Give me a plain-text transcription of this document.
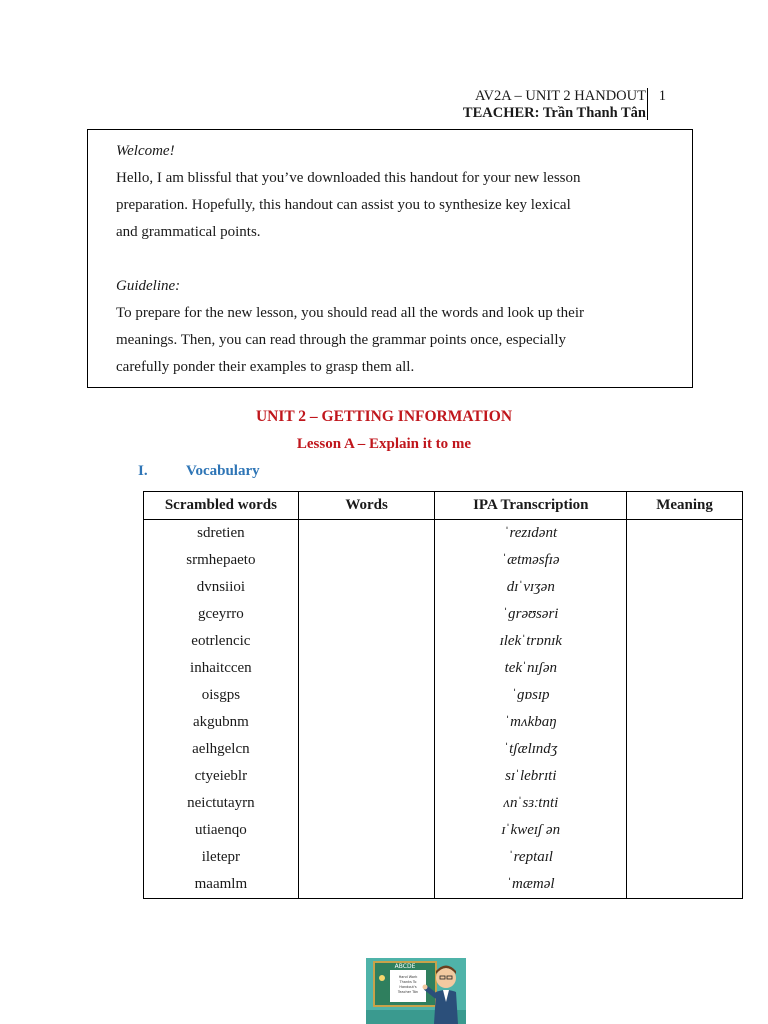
AV2A – UNIT 2 HANDOUT
TEACHER: Trần Thanh Tân
1

Welcome!

Hello, I am blissful that you’ve downloaded this handout for your new lesson

preparation. Hopefully, this handout can assist you to synthesize key lexical

and grammatical points.

Guideline:

To prepare for the new lesson, you should read all the words and look up their

meanings. Then, you can read through the grammar points once, especially

carefully ponder their examples to grasp them all.

UNIT 2 – GETTING INFORMATION
Lesson A – Explain it to me
I.	Vocabulary
Scrambled words	Words	IPA Transcription	Meaning
sdretien		ˈrezɪdənt	
srmhepaeto		ˈætməsfɪə	
dvnsiioi		dɪˈvɪʒən	
gceyrro		ˈɡrəʊsəri	
eotrlencic		ɪlekˈtrɒnɪk	
inhaitccen		tekˈnɪʃən	
oisgps		ˈɡɒsɪp	
akgubnm		ˈmʌkbaŋ	
aelhgelcn		ˈtʃælɪndʒ	
ctyeieblr		sɪˈlebrɪti	
neictutayrn		ʌnˈsɜːtnti	
utiaenqo		ɪˈkweɪʃ ən	
iletepr		ˈreptaɪl	
maamlm		ˈmæməl	
ABCDE
Hand Work
Thanks To
Handout's
Teacher Tân
